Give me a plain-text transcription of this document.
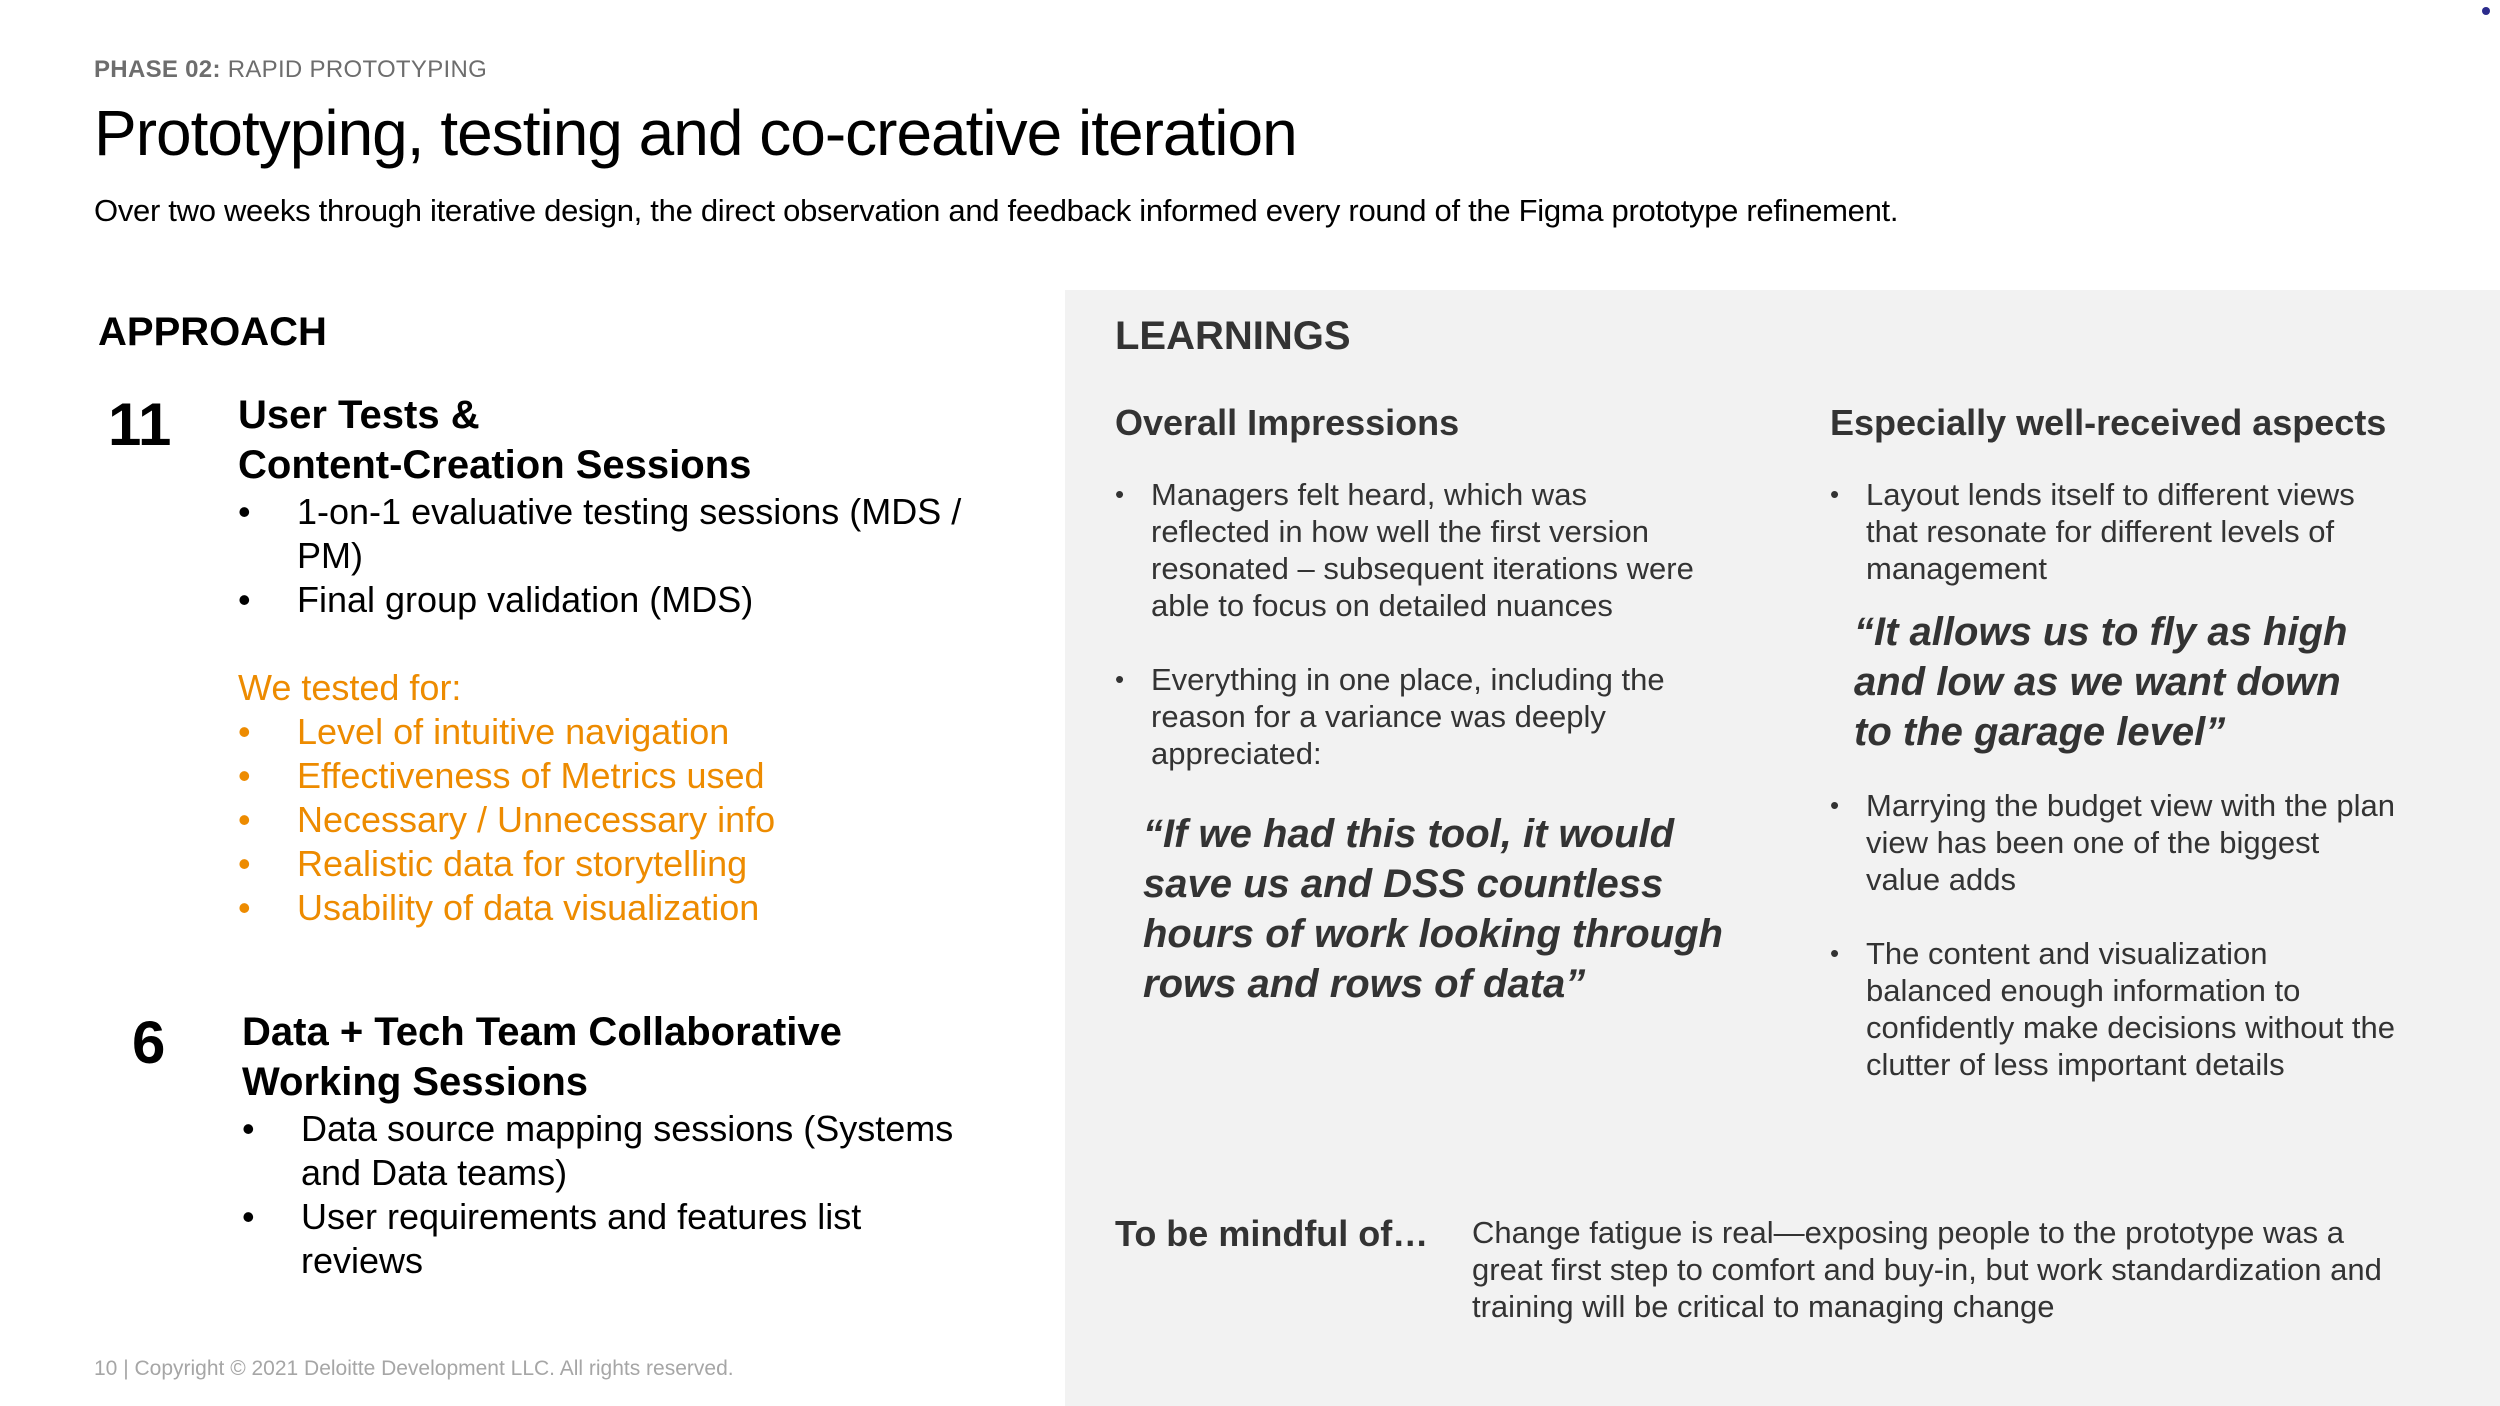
PHASE 02: RAPID PROTOTYPING
Prototyping, testing and co-creative iteration
Over two weeks through iterative design, the direct observation and feedback informed every round of the Figma prototype refinement.
APPROACH
11 User Tests &
Content-Creation Sessions
• 1-on-1 evaluative testing sessions (MDS / PM)
• Final group validation (MDS)
We tested for:
• Level of intuitive navigation
• Effectiveness of Metrics used
• Necessary / Unnecessary info
• Realistic data for storytelling
• Usability of data visualization
6 Data + Tech Team Collaborative
Working Sessions
• Data source mapping sessions (Systems and Data teams)
• User requirements and features list reviews
LEARNINGS
Overall Impressions
• Managers felt heard, which was reflected in how well the first version resonated – subsequent iterations were able to focus on detailed nuances
• Everything in one place, including the reason for a variance was deeply appreciated:
“If we had this tool, it would save us and DSS countless hours of work looking through rows and rows of data”
Especially well-received aspects
• Layout lends itself to different views that resonate for different levels of management
“It allows us to fly as high and low as we want down to the garage level”
• Marrying the budget view with the plan view has been one of the biggest value adds
• The content and visualization balanced enough information to confidently make decisions without the clutter of less important details
To be mindful of… Change fatigue is real—exposing people to the prototype was a great first step to comfort and buy-in, but work standardization and training will be critical to managing change
10 | Copyright © 2021 Deloitte Development LLC. All rights reserved.
